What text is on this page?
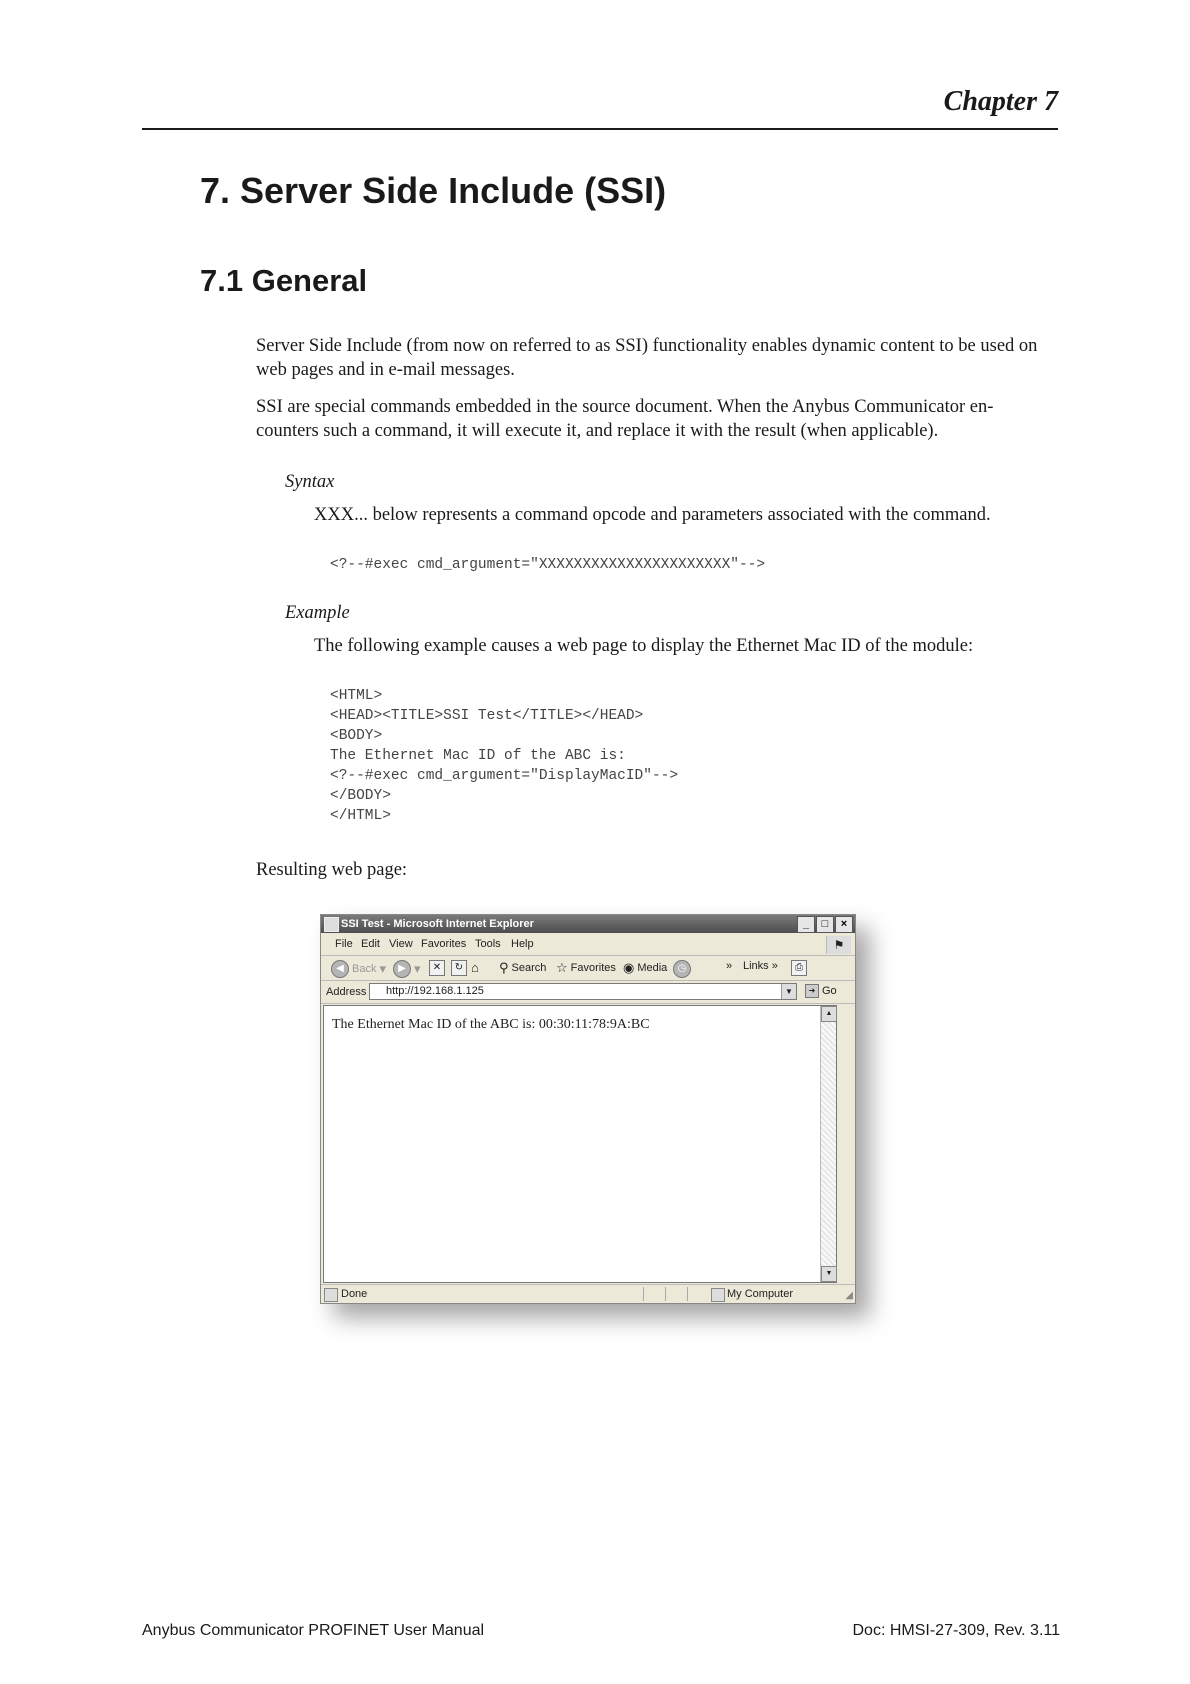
Chapter 7
7. Server Side Include (SSI)
7.1 General

Server Side Include (from now on referred to as SSI) functionality enables dynamic content to be used on web pages and in e-mail messages.

SSI are special commands embedded in the source document. When the Anybus Communicator en-counters such a command, it will execute it, and replace it with the result (when applicable).

Syntax

XXX... below represents a command opcode and parameters associated with the command.

<?--#exec cmd_argument="XXXXXXXXXXXXXXXXXXXXXX"-->
Example

The following example causes a web page to display the Ethernet Mac ID of the module:

<HTML>
<HEAD><TITLE>SSI Test</TITLE></HEAD>
<BODY>
The Ethernet Mac ID of the ABC is:
<?--#exec cmd_argument="DisplayMacID"-->
</BODY>
</HTML>
Resulting web page:
SSI Test - Microsoft Internet Explorer	_	□	×
File Edit View Favorites Tools Help	⚑
◀ Back ▾	▶ ▾	✕	↻ ⌂ ⚲ Search ☆ Favorites ◉ Media	◷	» Links »	⎙
Address http://192.168.1.125	▼	➜ Go
The Ethernet Mac ID of the ABC is: 00:30:11:78:9A:BC
▲
▼
Done	My Computer	◢
Anybus Communicator PROFINET User Manual	Doc: HMSI-27-309, Rev. 3.11
